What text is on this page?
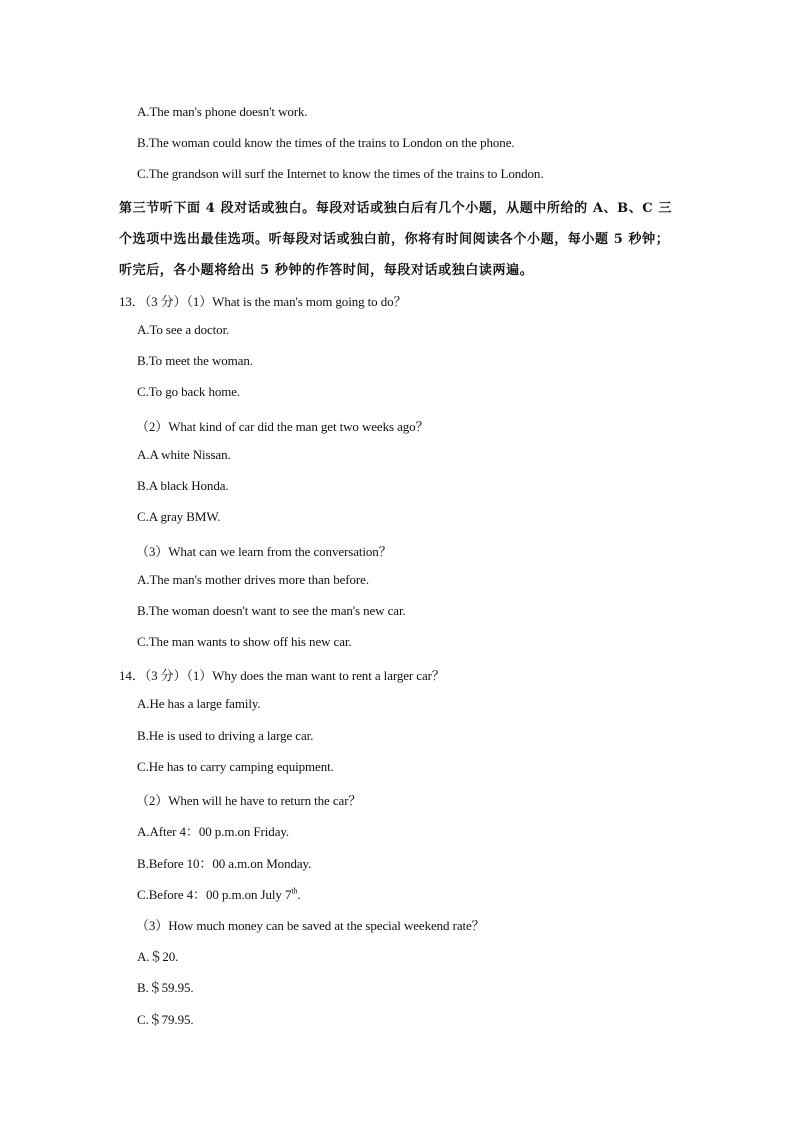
A.The man's phone doesn't work.
B.The woman could know the times of the trains to London on the phone.
C.The grandson will surf the Internet to know the times of the trains to London.
第三节听下面 4 段对话或独白。每段对话或独白后有几个小题，从题中所给的 A、B、C 三
个选项中选出最佳选项。听每段对话或独白前，你将有时间阅读各个小题，每小题 5 秒钟；
听完后，各小题将给出 5 秒钟的作答时间，每段对话或独白读两遍。
13．（3 分）（1）What is the man's mom going to do？
A.To see a doctor.
B.To meet the woman.
C.To go back home.
（2）What kind of car did the man get two weeks ago？
A.A white Nissan.
B.A black Honda.
C.A gray BMW.
（3）What can we learn from the conversation？
A.The man's mother drives more than before.
B.The woman doesn't want to see the man's new car.
C.The man wants to show off his new car.
14．（3 分）（1）Why does the man want to rent a larger car？
A.He has a large family.
B.He is used to driving a large car.
C.He has to carry camping equipment.
（2）When will he have to return the car？
A.After 4：00 p.m.on Friday.
B.Before 10：00 a.m.on Monday.
C.Before 4：00 p.m.on July 7th.
（3）How much money can be saved at the special weekend rate？
A.＄20.
B.＄59.95.
C.＄79.95.
